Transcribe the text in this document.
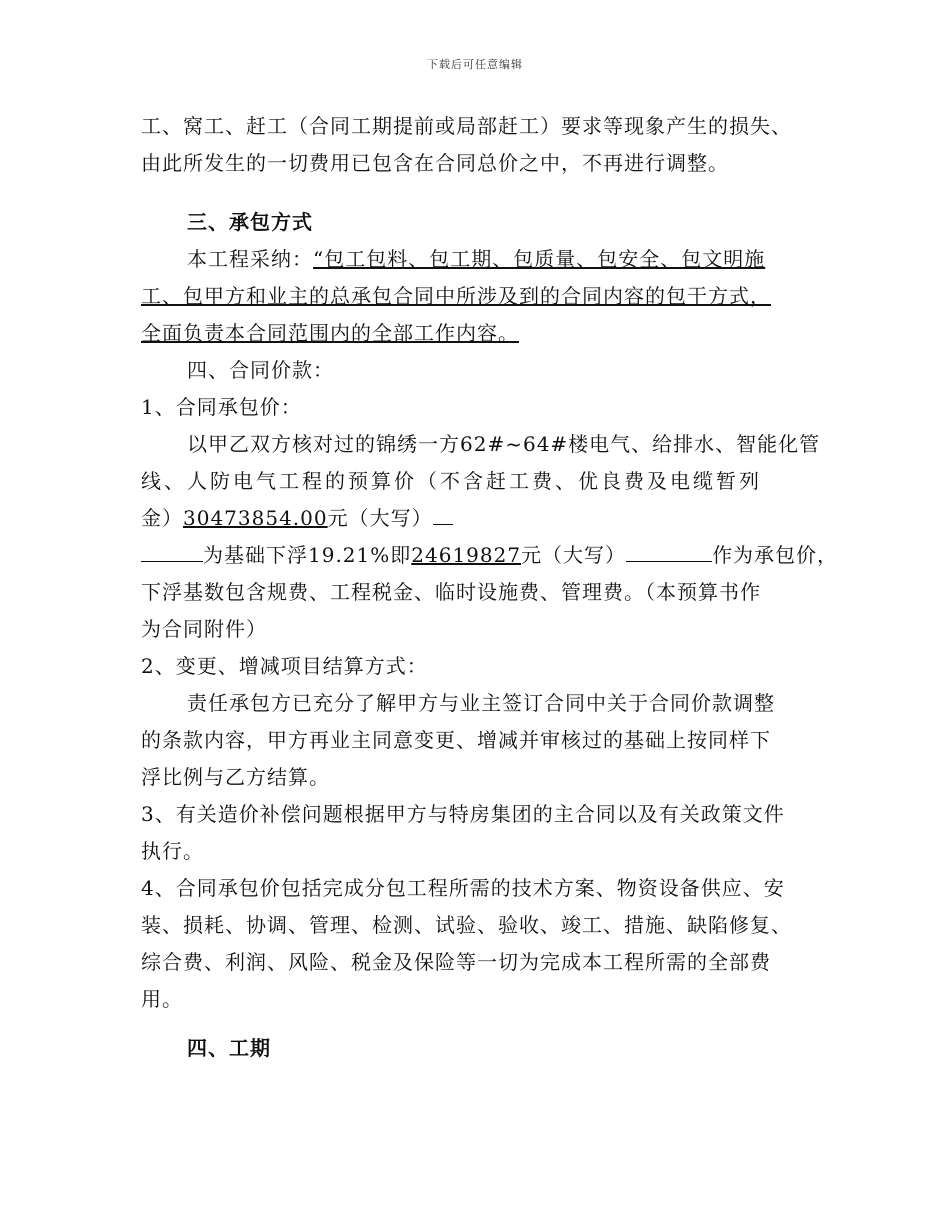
下载后可任意编辑
工、窝工、赶工（合同工期提前或局部赶工）要求等现象产生的损失、
由此所发生的一切费用已包含在合同总价之中，不再进行调整。
三、承包方式
本工程采纳：“包工包料、包工期、包质量、包安全、包文明施
工、包甲方和业主的总承包合同中所涉及到的合同内容的包干方式，
全面负责本合同范围内的全部工作内容。
四、合同价款：
1、合同承包价：
以甲乙双方核对过的锦绣一方62#~64#楼电气、给排水、智能化管
线、人防电气工程的预算价（不含赶工费、优良费及电缆暂列
金）30473854.00元（大写）
为基础下浮19.21%即24619827元（大写）	作为承包价，
下浮基数包含规费、工程税金、临时设施费、管理费。（本预算书作
为合同附件）
2、变更、增减项目结算方式：
责任承包方已充分了解甲方与业主签订合同中关于合同价款调整
的条款内容，甲方再业主同意变更、增减并审核过的基础上按同样下
浮比例与乙方结算。
3、有关造价补偿问题根据甲方与特房集团的主合同以及有关政策文件
执行。
4、合同承包价包括完成分包工程所需的技术方案、物资设备供应、安
装、损耗、协调、管理、检测、试验、验收、竣工、措施、缺陷修复、
综合费、利润、风险、税金及保险等一切为完成本工程所需的全部费
用。
四、工期
